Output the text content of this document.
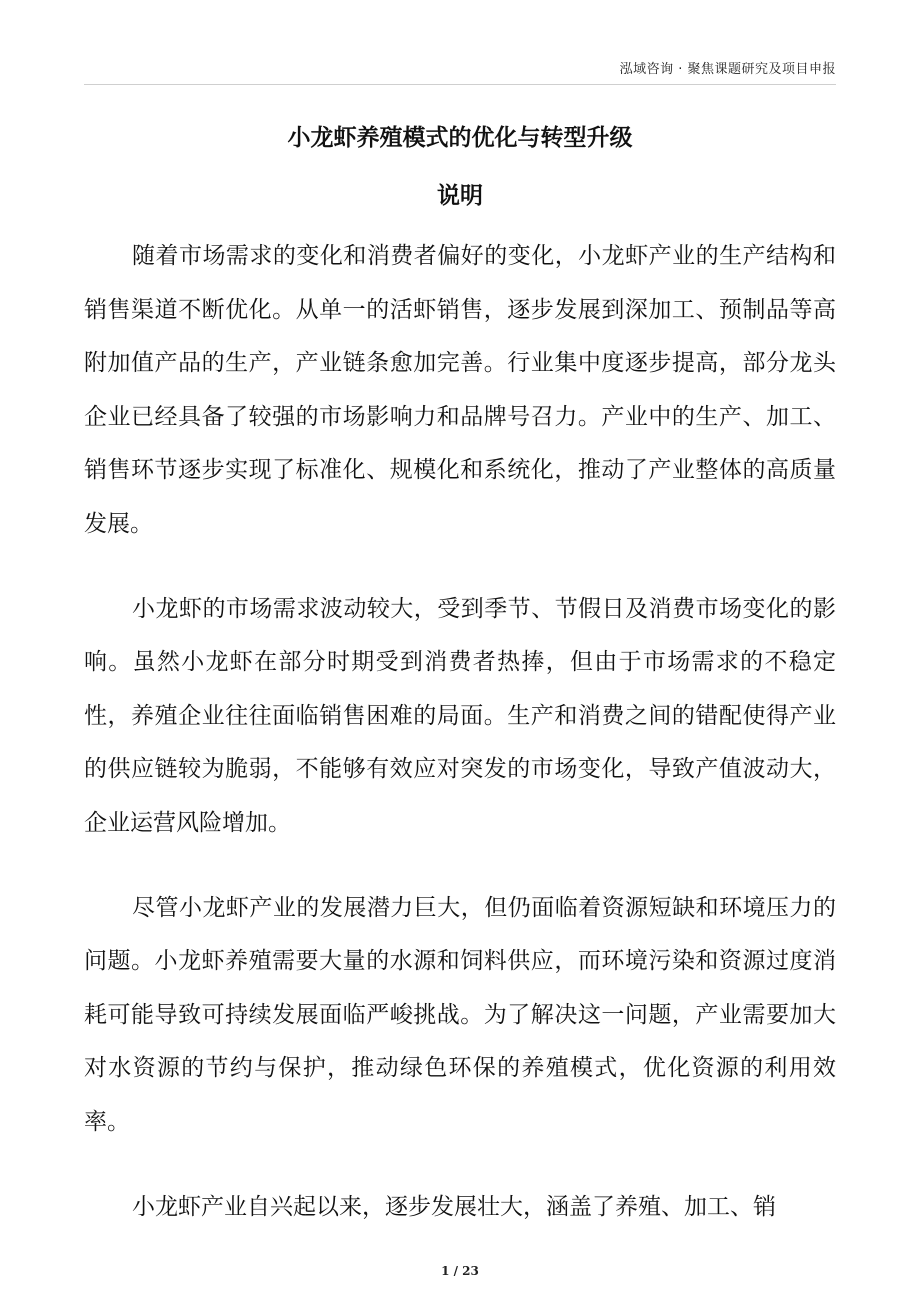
泓域咨询 · 聚焦课题研究及项目申报
小龙虾养殖模式的优化与转型升级
说明

随着市场需求的变化和消费者偏好的变化，小龙虾产业的生产结构和销售渠道不断优化。从单一的活虾销售，逐步发展到深加工、预制品等高附加值产品的生产，产业链条愈加完善。行业集中度逐步提高，部分龙头企业已经具备了较强的市场影响力和品牌号召力。产业中的生产、加工、销售环节逐步实现了标准化、规模化和系统化，推动了产业整体的高质量发展。

小龙虾的市场需求波动较大，受到季节、节假日及消费市场变化的影响。虽然小龙虾在部分时期受到消费者热捧，但由于市场需求的不稳定性，养殖企业往往面临销售困难的局面。生产和消费之间的错配使得产业的供应链较为脆弱，不能够有效应对突发的市场变化，导致产值波动大，企业运营风险增加。

尽管小龙虾产业的发展潜力巨大，但仍面临着资源短缺和环境压力的问题。小龙虾养殖需要大量的水源和饲料供应，而环境污染和资源过度消耗可能导致可持续发展面临严峻挑战。为了解决这一问题，产业需要加大对水资源的节约与保护，推动绿色环保的养殖模式，优化资源的利用效率。

小龙虾产业自兴起以来，逐步发展壮大，涵盖了养殖、加工、销

1 / 23
